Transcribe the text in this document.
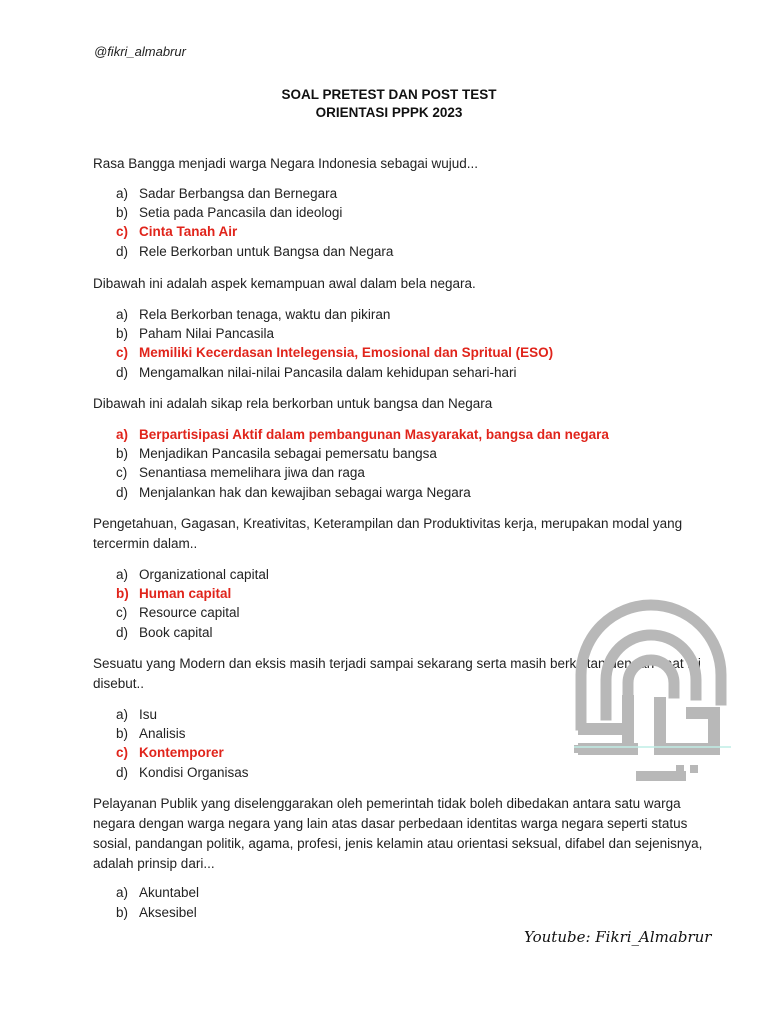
@fikri_almabrur
SOAL PRETEST DAN POST TEST
ORIENTASI PPPK 2023
Rasa Bangga menjadi warga Negara Indonesia sebagai wujud...
a) Sadar Berbangsa dan Bernegara
b) Setia pada Pancasila dan ideologi
c) Cinta Tanah Air
d) Rele Berkorban untuk Bangsa dan Negara
Dibawah ini adalah aspek kemampuan awal dalam bela negara.
a) Rela Berkorban tenaga, waktu dan pikiran
b) Paham Nilai Pancasila
c) Memiliki Kecerdasan Intelegensia, Emosional dan Spritual (ESO)
d) Mengamalkan nilai-nilai Pancasila dalam kehidupan sehari-hari
Dibawah ini adalah sikap rela berkorban untuk bangsa dan Negara
a) Berpartisipasi Aktif dalam pembangunan Masyarakat, bangsa dan negara
b) Menjadikan Pancasila sebagai pemersatu bangsa
c) Senantiasa memelihara jiwa dan raga
d) Menjalankan hak dan kewajiban sebagai warga Negara
Pengetahuan, Gagasan, Kreativitas, Keterampilan dan Produktivitas kerja, merupakan modal yang tercermin dalam..
a) Organizational capital
b) Human capital
c) Resource capital
d) Book capital
Sesuatu yang Modern dan eksis masih terjadi sampai sekarang serta masih berkaitan dengan saat ini disebut..
a) Isu
b) Analisis
c) Kontemporer
d) Kondisi Organisas
Pelayanan Publik yang diselenggarakan oleh pemerintah tidak boleh dibedakan antara satu warga negara dengan warga negara yang lain atas dasar perbedaan identitas warga negara seperti status sosial, pandangan politik, agama, profesi, jenis kelamin atau orientasi seksual, difabel dan sejenisnya, adalah prinsip dari...
a) Akuntabel
b) Aksesibel
Youtube: Fikri_Almabrur
